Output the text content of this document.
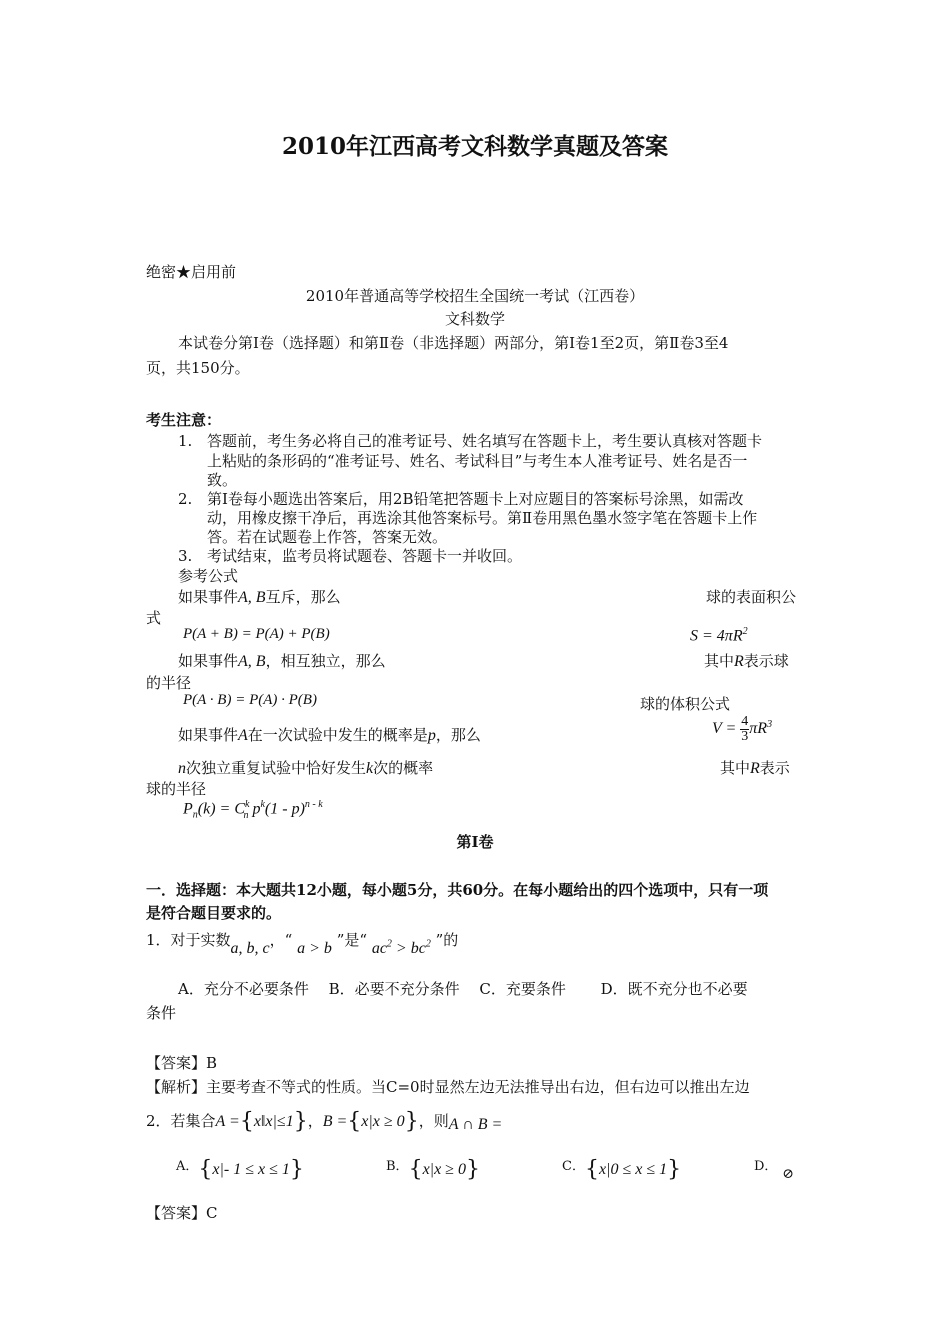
2010年江西高考文科数学真题及答案
绝密★启用前
2010年普通高等学校招生全国统一考试（江西卷）
文科数学
本试卷分第Ⅰ卷（选择题）和第Ⅱ卷（非选择题）两部分，第Ⅰ卷1至2页，第Ⅱ卷3至4
页，共150分。
考生注意：
1. 答题前，考生务必将自己的准考证号、姓名填写在答题卡上，考生要认真核对答题卡
上粘贴的条形码的“准考证号、姓名、考试科目”与考生本人准考证号、姓名是否一
致。
2. 第Ⅰ卷每小题选出答案后，用2B铅笔把答题卡上对应题目的答案标号涂黑，如需改
动，用橡皮擦干净后，再选涂其他答案标号。第Ⅱ卷用黑色墨水签字笔在答题卡上作
答。若在试题卷上作答，答案无效。
3. 考试结束，监考员将试题卷、答题卡一并收回。
参考公式
如果事件A, B互斥，那么	球的表面积公
式
P(A + B) = P(A) + P(B)	$S = 4\pi R^2$
如果事件A, B，相互独立，那么	其中R表示球
的半径
P(A · B) = P(A) · P(B)	球的体积公式
如果事件A在一次试验中发生的概率是p，那么	$V = \frac{4}{3} \pi R^3$
n次独立重复试验中恰好发生k次的概率	其中R表示
球的半径
$P_n(k) = C^k_n$ $p^k(1 - p)^{n - k}$
第Ⅰ卷
一．选择题：本大题共12小题，每小题5分，共60分。在每小题给出的四个选项中，只有一项
是符合题目要求的。
1．对于实数a, b, c，“ a > b ”是“ $ac^2 > bc^2$ ”的
A．充分不必要条件　 B．必要不充分条件　 C．充要条件　　 D．既不充分也不必要
条件
【答案】B
【解析】主要考查不等式的性质。当C=0时显然左边无法推导出右边，但右边可以推出左边
2．若集合A ={x‖x|≤1}，B ={x|x ≥ 0}，则A ∩ B =
A．{x|- 1 ≤ x ≤ 1}	B．{x|x ≥ 0}	C．{x|0 ≤ x ≤ 1}	D． ⊘
【答案】C
